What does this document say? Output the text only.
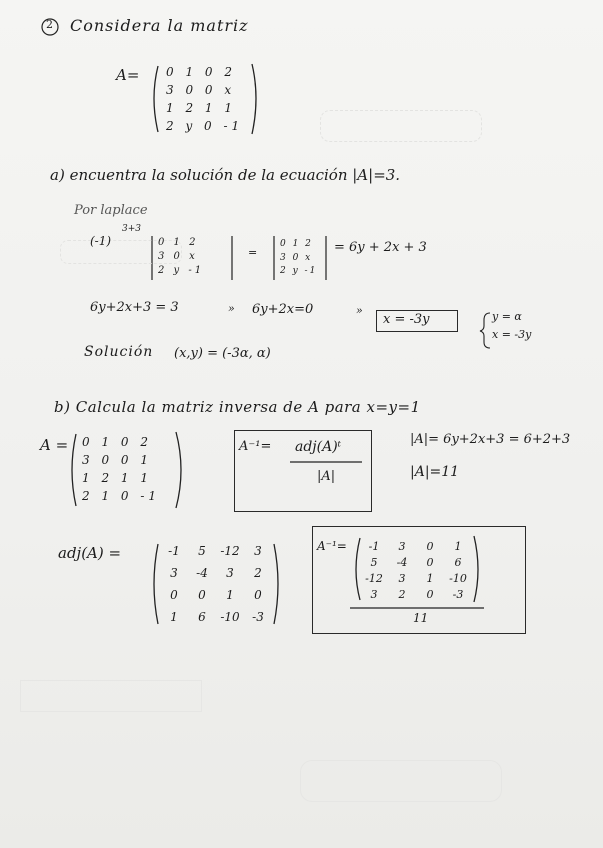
2 Considera la matriz
A= 0 1 0 2
3 0 0 x
1 2 1 1
2 y 0 -1
a) encuentra la solución de la ecuación |A|=3.
Por laplace
(-1)
3+3
0 1 2
3 0 x
2 y -1
=
0 1 2
3 0 x
2 y -1
= 6y + 2x + 3
6y+2x+3 = 3	» 6y+2x=0	»
x = -3y	y = α
x = -3y
Solución (x,y) = (-3α, α)
b) Calcula la matriz inversa de A para x=y=1
A = 0 1 0 2
3 0 0 1
1 2 1 1
2 1 0 -1
A⁻¹= adj(A)ᵗ
|A|
|A|= 6y+2x+3 = 6+2+3
|A|=11
adj(A) =	-1	5	-12	3
3	-4	3	2
0	0	1	0
1	6	-10	-3
A⁻¹=
11
-1	3	0	1
5	-4	0	6
-12	3	1	-10
3	2	0	-3
